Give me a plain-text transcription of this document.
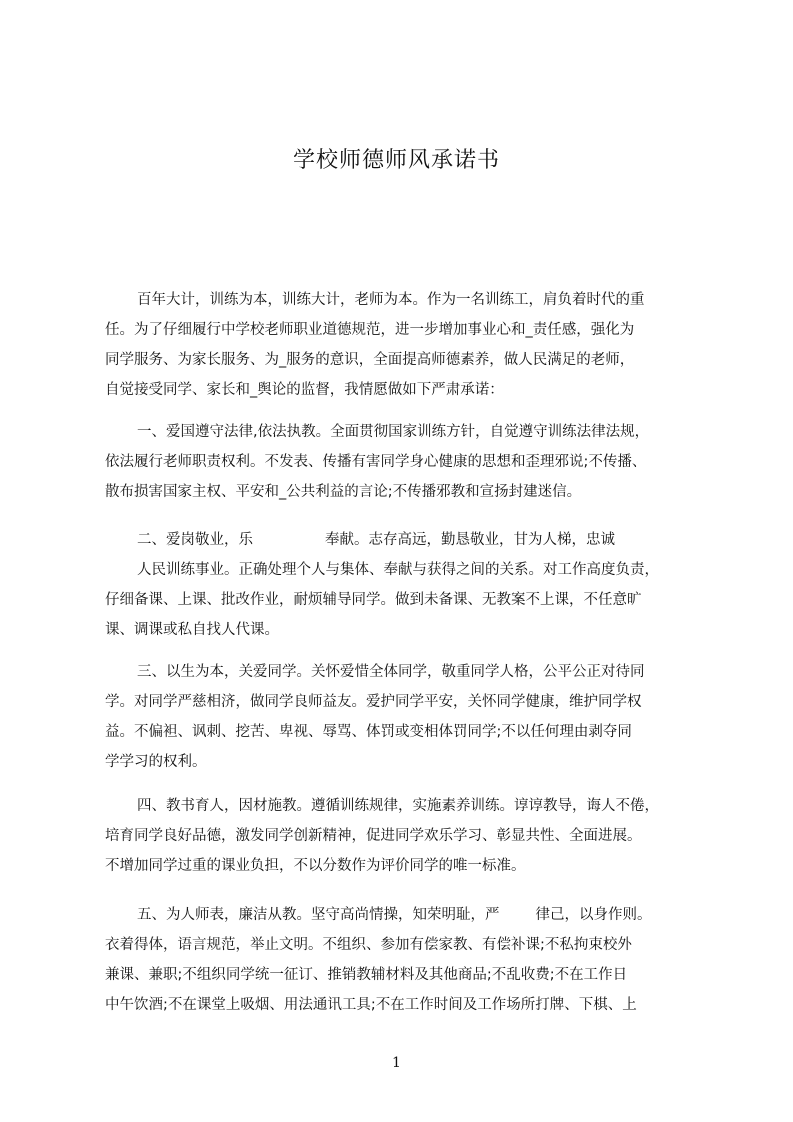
学校师德师风承诺书
百年大计，训练为本，训练大计，老师为本。作为一名训练工，肩负着时代的重
任。为了仔细履行中学校老师职业道德规范，进一步增加事业心和_责任感，强化为
同学服务、为家长服务、为_服务的意识，全面提高师德素养，做人民满足的老师，
自觉接受同学、家长和_舆论的监督，我情愿做如下严肃承诺：
一、爱国遵守法律,依法执教。全面贯彻国家训练方针，自觉遵守训练法律法规，
依法履行老师职责权利。不发表、传播有害同学身心健康的思想和歪理邪说;不传播、
散布损害国家主权、平安和_公共利益的言论;不传播邪教和宣扬封建迷信。
二、爱岗敬业，乐	奉献。志存高远，勤恳敬业，甘为人梯，忠诚
人民训练事业。正确处理个人与集体、奉献与获得之间的关系。对工作高度负责，
仔细备课、上课、批改作业，耐烦辅导同学。做到未备课、无教案不上课，不任意旷
课、调课或私自找人代课。
三、以生为本，关爱同学。关怀爱惜全体同学，敬重同学人格，公平公正对待同
学。对同学严慈相济，做同学良师益友。爱护同学平安，关怀同学健康，维护同学权
益。不偏袒、讽刺、挖苦、卑视、辱骂、体罚或变相体罚同学;不以任何理由剥夺同
学学习的权利。
四、教书育人，因材施教。遵循训练规律，实施素养训练。谆谆教导，诲人不倦，
培育同学良好品德，激发同学创新精神，促进同学欢乐学习、彰显共性、全面进展。
不增加同学过重的课业负担，不以分数作为评价同学的唯一标准。
五、为人师表，廉洁从教。坚守高尚情操，知荣明耻，严 律己，以身作则。
衣着得体，语言规范，举止文明。不组织、参加有偿家教、有偿补课;不私拘束校外
兼课、兼职;不组织同学统一征订、推销教辅材料及其他商品;不乱收费;不在工作日
中午饮酒;不在课堂上吸烟、用法通讯工具;不在工作时间及工作场所打牌、下棋、上
1
